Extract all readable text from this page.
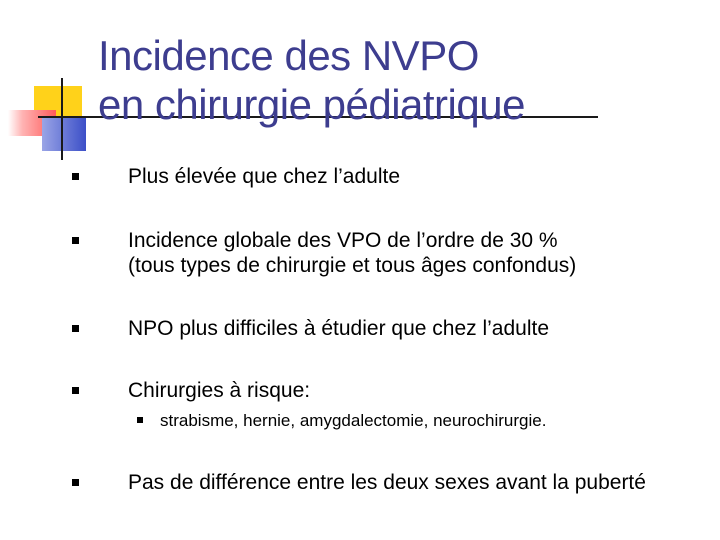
Incidence des NVPO
en chirurgie pédiatrique
Plus élevée que chez l’adulte
Incidence globale des VPO de l’ordre de 30 %
(tous types de chirurgie et tous âges confondus)
NPO plus difficiles à étudier que chez l’adulte
Chirurgies à risque:
strabisme, hernie, amygdalectomie, neurochirurgie.
Pas de différence entre les deux sexes avant la puberté
